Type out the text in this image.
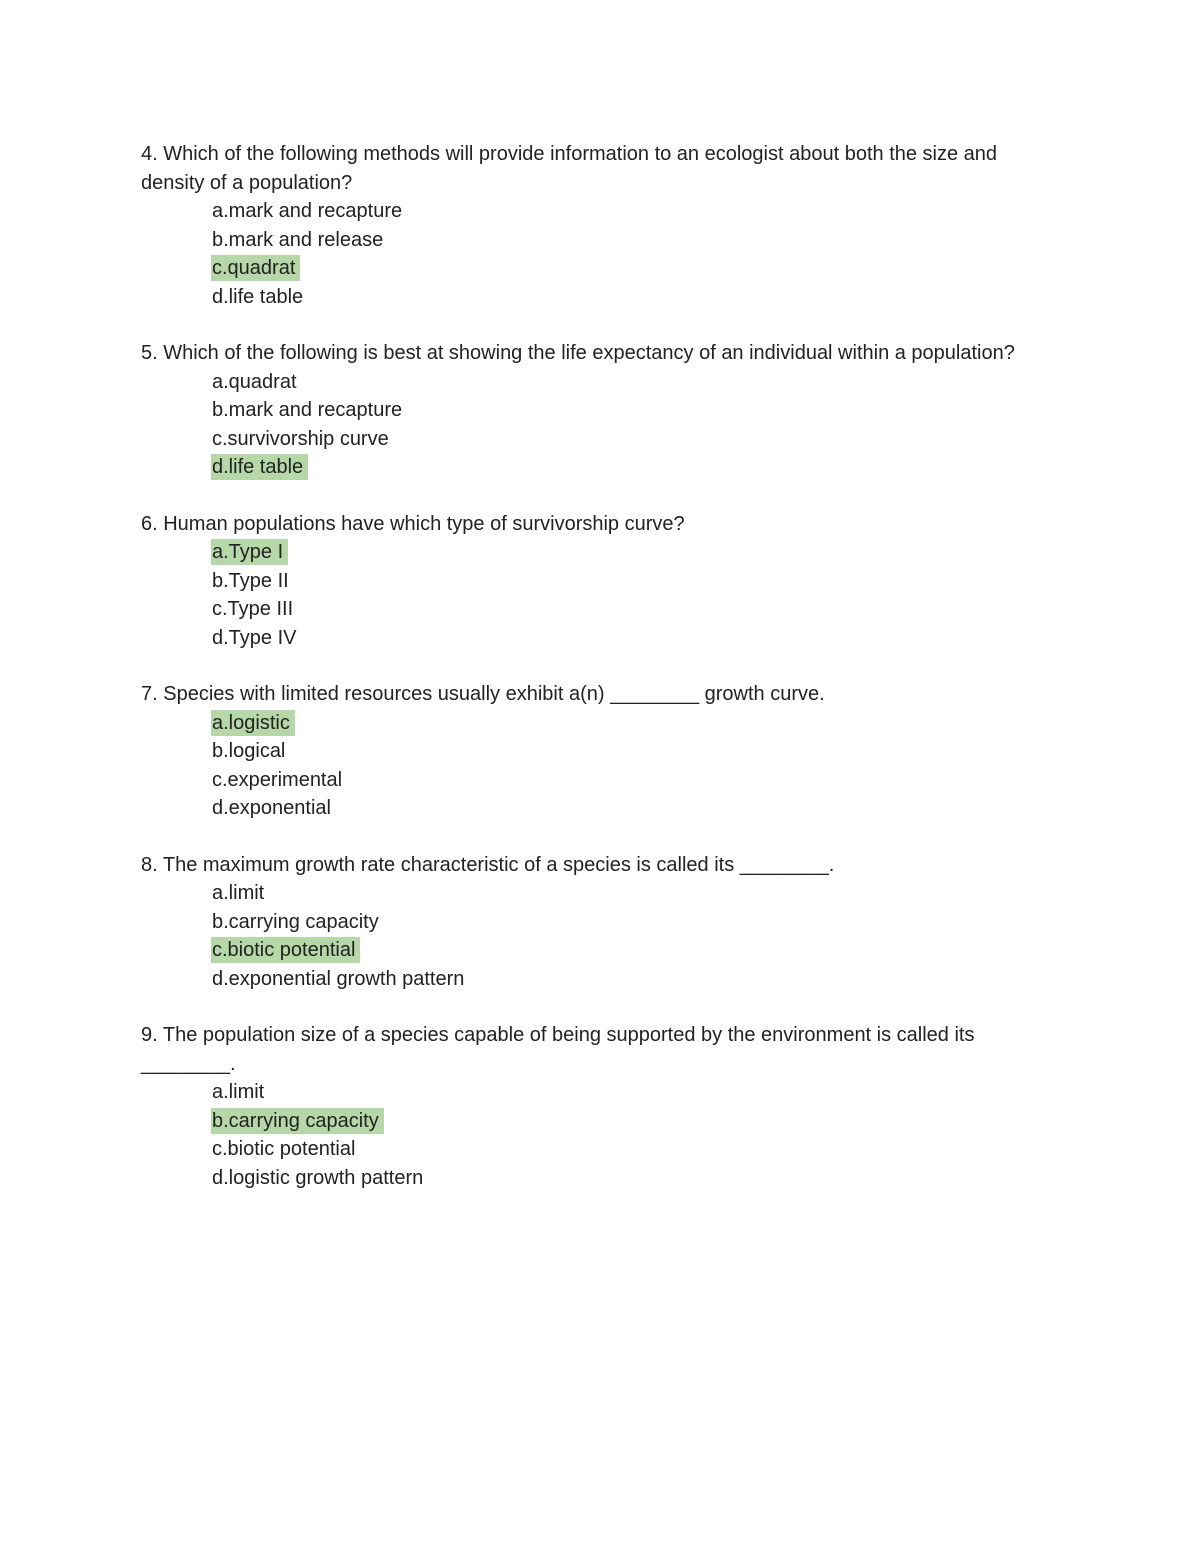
4. Which of the following methods will provide information to an ecologist about both the size and density of a population?

a.mark and recapture
b.mark and release
c.quadrat
d.life table

5. Which of the following is best at showing the life expectancy of an individual within a population?

a.quadrat
b.mark and recapture
c.survivorship curve
d.life table

6. Human populations have which type of survivorship curve?

a.Type I
b.Type II
c.Type III
d.Type IV

7. Species with limited resources usually exhibit a(n) ________ growth curve.

a.logistic
b.logical
c.experimental
d.exponential

8. The maximum growth rate characteristic of a species is called its ________.

a.limit
b.carrying capacity
c.biotic potential
d.exponential growth pattern

9. The population size of a species capable of being supported by the environment is called its ________.

a.limit
b.carrying capacity
c.biotic potential
d.logistic growth pattern
